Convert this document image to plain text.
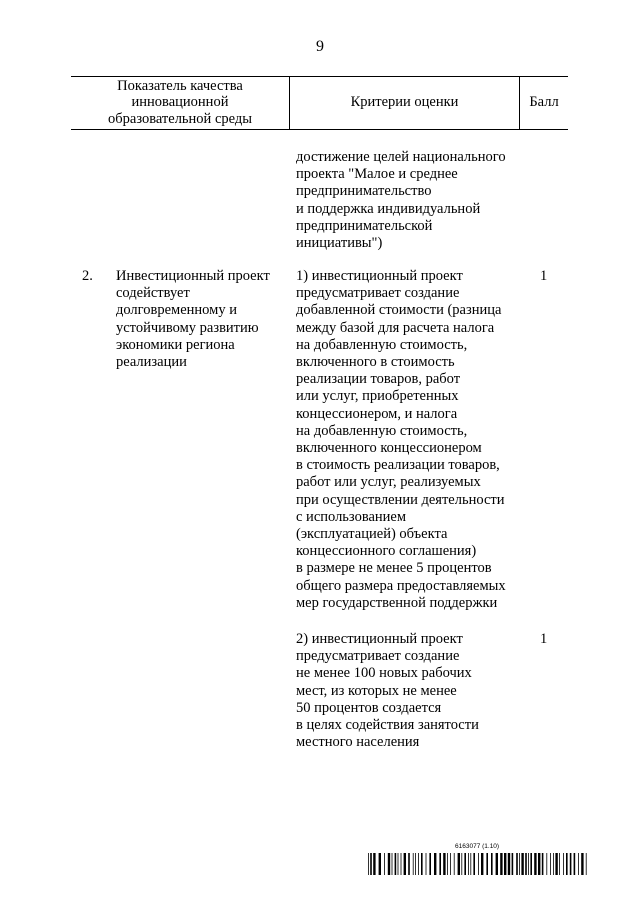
9
Показатель качества
инновационной
образовательной среды
Критерии оценки	Балл
достижение целей национального
проекта "Малое и среднее
предпринимательство
и поддержка индивидуальной
предпринимательской
инициативы")
2. Инвестиционный проект
содействует
долговременному и
устойчивому развитию
экономики региона
реализации
1) инвестиционный проект
предусматривает создание
добавленной стоимости (разница
между базой для расчета налога
на добавленную стоимость,
включенного в стоимость
реализации товаров, работ
или услуг, приобретенных
концессионером, и налога
на добавленную стоимость,
включенного концессионером
в стоимость реализации товаров,
работ или услуг, реализуемых
при осуществлении деятельности
с использованием
(эксплуатацией) объекта
концессионного соглашения)
в размере не менее 5 процентов
общего размера предоставляемых
мер государственной поддержки
1
2) инвестиционный проект
предусматривает создание
не менее 100 новых рабочих
мест, из которых не менее
50 процентов создается
в целях содействия занятости
местного населения
1
6163077 (1.10)
